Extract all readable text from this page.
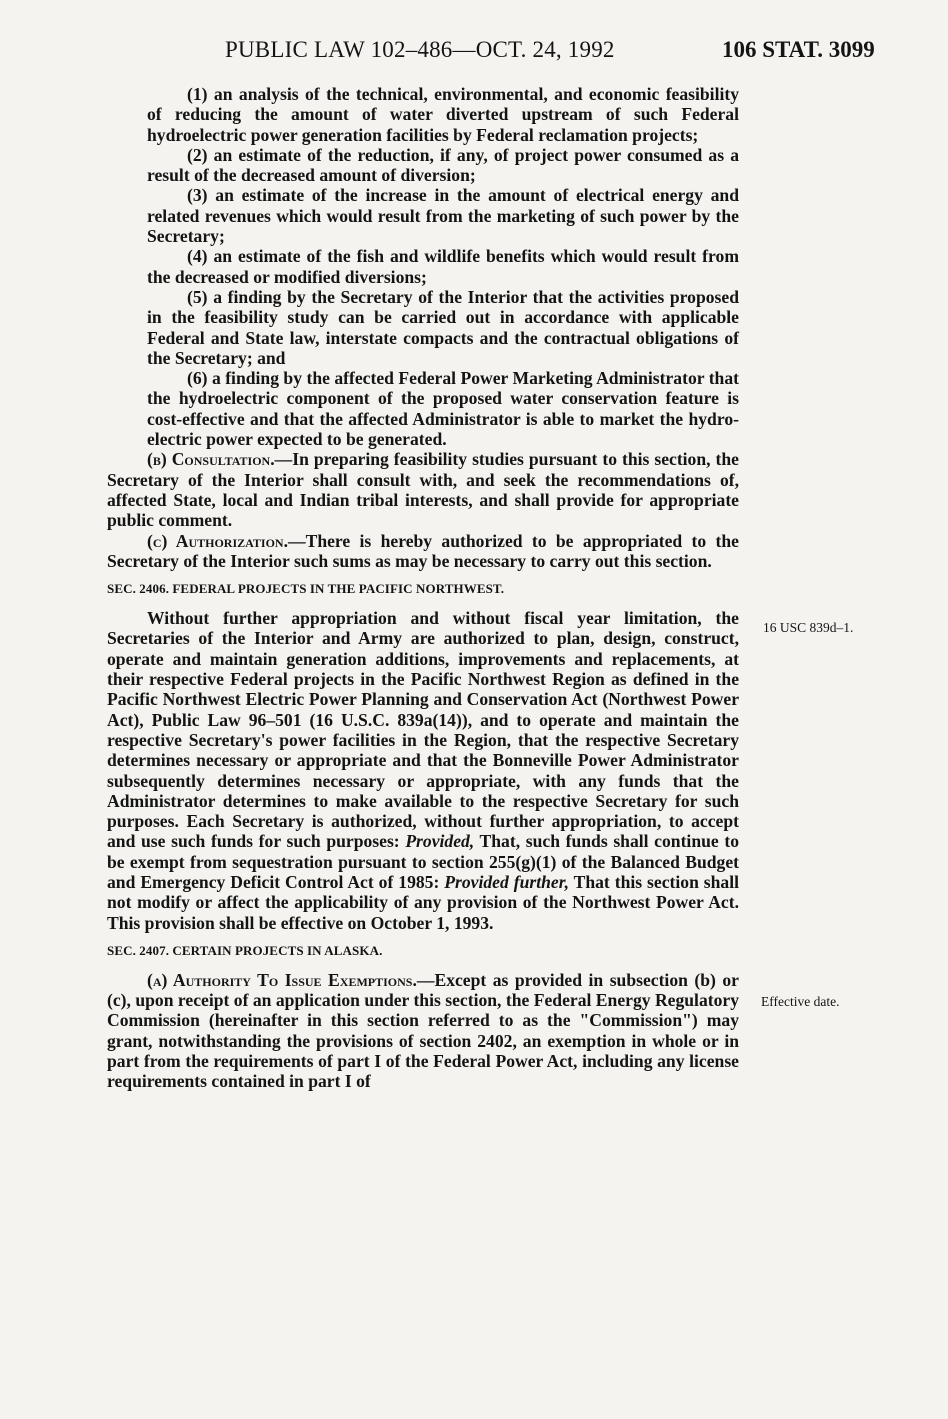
PUBLIC LAW 102–486—OCT. 24, 1992	106 STAT. 3099

(1) an analysis of the technical, environmental, and economic feasibility of reducing the amount of water diverted upstream of such Federal hydroelectric power generation facilities by Federal reclamation projects;

(2) an estimate of the reduction, if any, of project power consumed as a result of the decreased amount of diversion;

(3) an estimate of the increase in the amount of electrical energy and related revenues which would result from the marketing of such power by the Secretary;

(4) an estimate of the fish and wildlife benefits which would result from the decreased or modified diversions;

(5) a finding by the Secretary of the Interior that the activities proposed in the feasibility study can be carried out in accordance with applicable Federal and State law, interstate compacts and the contractual obligations of the Secretary; and

(6) a finding by the affected Federal Power Marketing Administrator that the hydroelectric component of the proposed water conservation feature is cost-effective and that the affected Administrator is able to market the hydro-electric power expected to be generated.

(b) Consultation.—In preparing feasibility studies pursuant to this section, the Secretary of the Interior shall consult with, and seek the recommendations of, affected State, local and Indian tribal interests, and shall provide for appropriate public comment.

(c) Authorization.—There is hereby authorized to be appropriated to the Secretary of the Interior such sums as may be necessary to carry out this section.

SEC. 2406. FEDERAL PROJECTS IN THE PACIFIC NORTHWEST.

Without further appropriation and without fiscal year limitation, the Secretaries of the Interior and Army are authorized to plan, design, construct, operate and maintain generation additions, improvements and replacements, at their respective Federal projects in the Pacific Northwest Region as defined in the Pacific Northwest Electric Power Planning and Conservation Act (Northwest Power Act), Public Law 96–501 (16 U.S.C. 839a(14)), and to operate and maintain the respective Secretary's power facilities in the Region, that the respective Secretary determines necessary or appropriate and that the Bonneville Power Administrator subsequently determines necessary or appropriate, with any funds that the Administrator determines to make available to the respective Secretary for such purposes. Each Secretary is authorized, without further appropriation, to accept and use such funds for such purposes: Provided, That, such funds shall continue to be exempt from sequestration pursuant to section 255(g)(1) of the Balanced Budget and Emergency Deficit Control Act of 1985: Provided further, That this section shall not modify or affect the applicability of any provision of the Northwest Power Act. This provision shall be effective on October 1, 1993.

SEC. 2407. CERTAIN PROJECTS IN ALASKA.

(a) Authority To Issue Exemptions.—Except as provided in subsection (b) or (c), upon receipt of an application under this section, the Federal Energy Regulatory Commission (hereinafter in this section referred to as the "Commission") may grant, notwithstanding the provisions of section 2402, an exemption in whole or in part from the requirements of part I of the Federal Power Act, including any license requirements contained in part I of

16 USC 839d–1.
Effective date.
